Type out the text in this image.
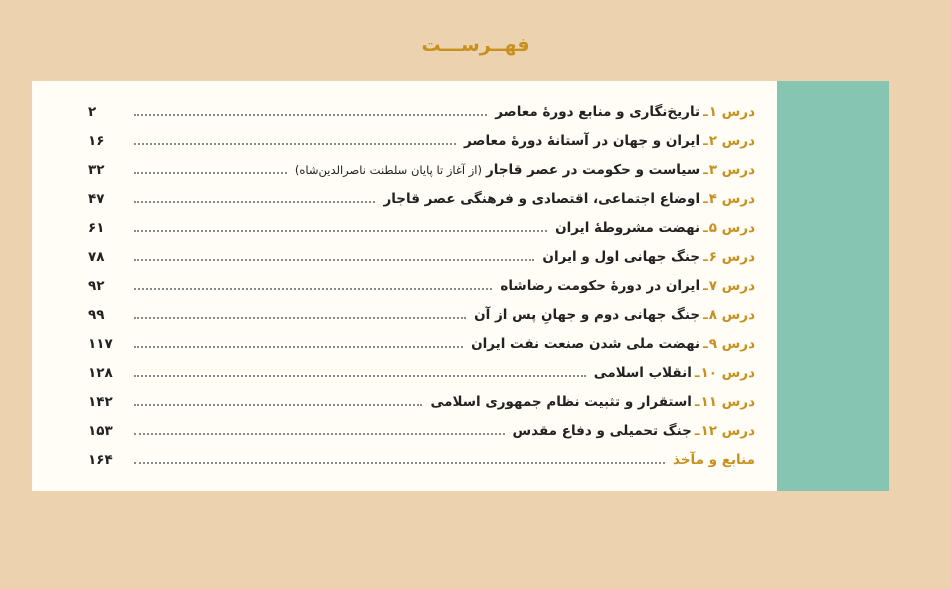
فهــرســـت
درس

۱
ـ
تاریخ‌نگاری و منابع دورۀ معاصر
۲
درس

۲
ـ
ایران و جهان در آستانۀ دورۀ معاصر
۱۶
درس

۳
ـ
سیاست و حکومت در عصر قاجار
(از آغاز تا پایان سلطنت ناصرالدین‌شاه)
۳۲
درس

۴
ـ
اوضاع اجتماعی، اقتصادی و فرهنگی عصر قاجار
۴۷
درس

۵
ـ
نهضت مشروطۀ ایران
۶۱
درس

۶
ـ
جنگ جهانی اول و ایران
۷۸
درس

۷
ـ
ایران در دورۀ حکومت رضاشاه
۹۲
درس

۸
ـ
جنگ جهانی دوم و جهانِ پس از آن
۹۹
درس

۹
ـ
نهضت ملی شدن صنعت نفت ایران
۱۱۷
درس

۱۰
ـ
انقلاب اسلامی
۱۲۸
درس

۱۱
ـ
استقرار و تثبیت نظام جمهوری اسلامی
۱۴۲
درس

۱۲
ـ
جنگ تحمیلی و دفاع مقدس
۱۵۳
منابع و مآخذ
۱۶۴
